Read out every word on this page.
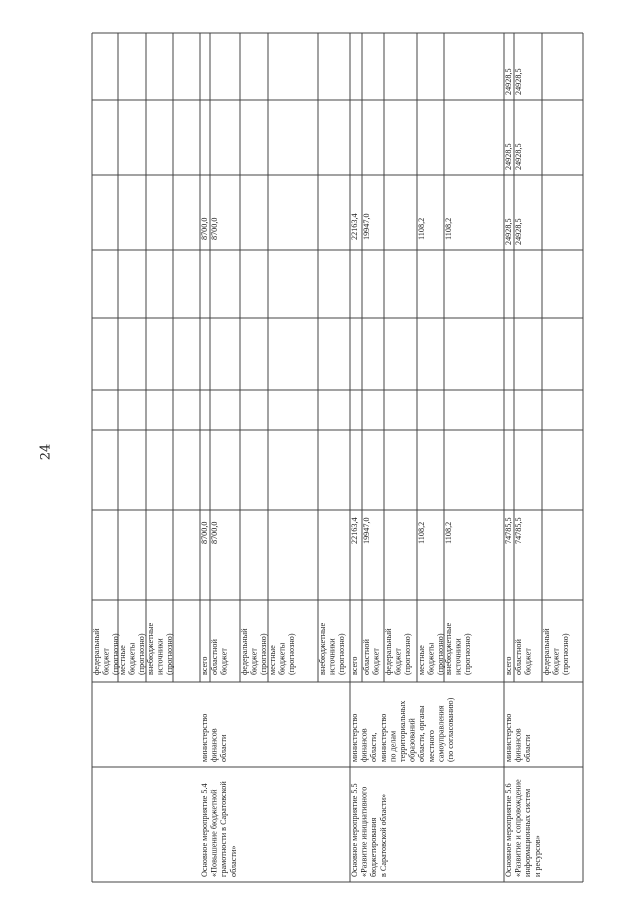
24
федеральный бюджет (прогнозно)
местные бюджеты (прогнозно) внебюджетные источники (прогнозно)
Основное мероприятие 5.4 «Повышение бюджетной грамотности в Саратовской области»
министерство финансов области
всего
8700,0
8700,0
областной бюджет
8700,0
8700,0
федеральный бюджет (прогнозно) местные бюджеты (прогнозно)	внебюджетные источники (прогнозно)
Основное мероприятие 5.5 «Развитие инициативного бюджетирования в Саратовской области»
министерство финансов области, министерство по делам территориальных образований области, органы местного самоуправления (по согласованию)
всего
22163,4
22163,4
областной бюджет
19947,0
19947,0
федеральный бюджет (прогнозно) местные бюджеты (прогнозно)
1108,2
1108,2
внебюджетные источники (прогнозно)
1108,2
1108,2
Основное мероприятие 5.6 «Развитие и сопровождение информационных систем и ресурсов»
министерство финансов области
всего
74785,5
24928,5
24928,5
24928,5
областной бюджет
74785,5
24928,5
24928,5
24928,5
федеральный бюджет (прогнозно)
